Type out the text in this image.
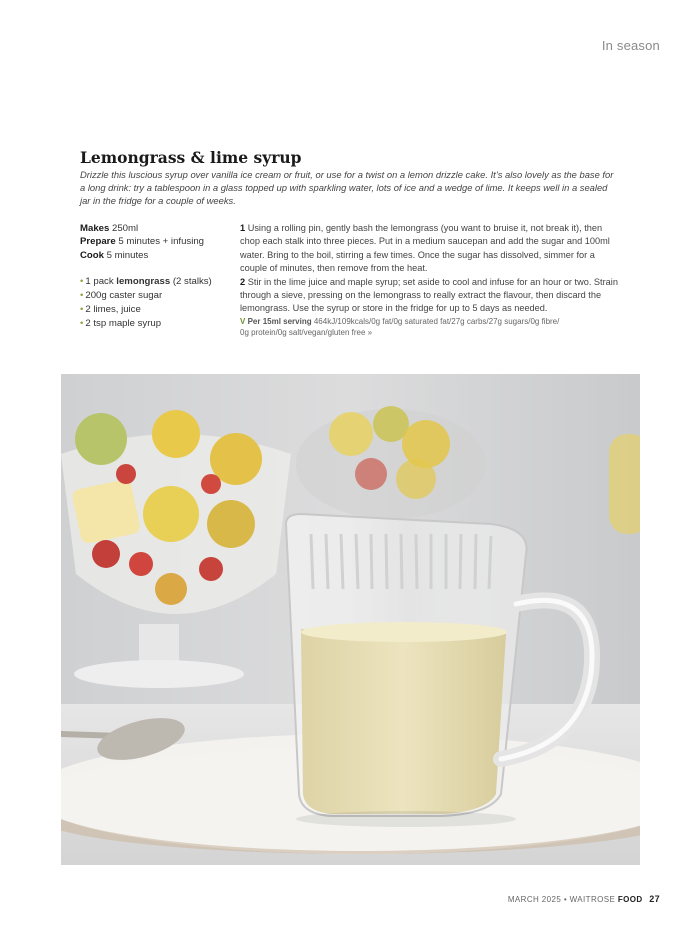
In season
Lemongrass & lime syrup

Drizzle this luscious syrup over vanilla ice cream or fruit, or use for a twist on a lemon drizzle cake. It’s also lovely as the base for a long drink: try a tablespoon in a glass topped up with sparkling water, lots of ice and a wedge of lime. It keeps well in a sealed jar in the fridge for a couple of weeks.

Makes 250ml
Prepare 5 minutes + infusing
Cook 5 minutes
• 1 pack lemongrass (2 stalks)
• 200g caster sugar
• 2 limes, juice
• 2 tsp maple syrup

1 Using a rolling pin, gently bash the lemongrass (you want to bruise it, not break it), then chop each stalk into three pieces. Put in a medium saucepan and add the sugar and 100ml water. Bring to the boil, stirring a few times. Once the sugar has dissolved, simmer for a couple of minutes, then remove from the heat.

2 Stir in the lime juice and maple syrup; set aside to cool and infuse for an hour or two. Strain through a sieve, pressing on the lemongrass to really extract the flavour, then discard the lemongrass. Use the syrup or store in the fridge for up to 5 days as needed.

V Per 15ml serving 464kJ/109kcals/0g fat/0g saturated fat/27g carbs/27g sugars/0g fibre/ 0g protein/0g salt/vegan/gluten free »

MARCH 2025 • WAITROSE FOOD 27
